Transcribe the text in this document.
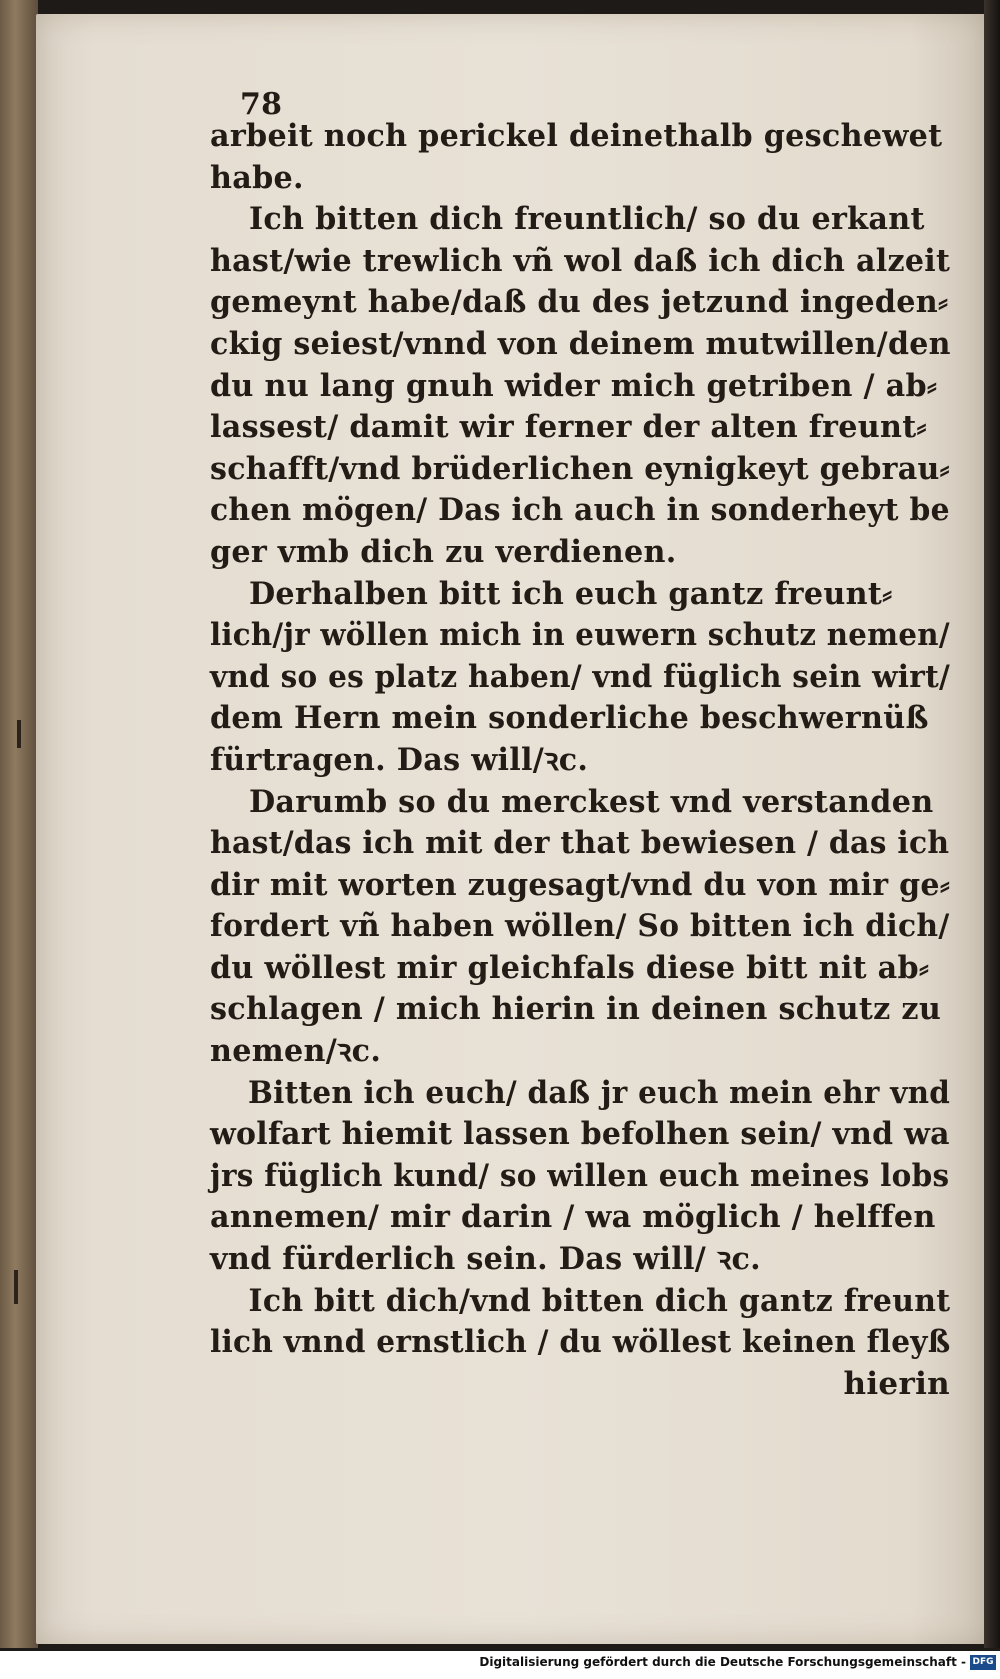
78
arbeit noch perickel deinethalb geschewet
habe.
Ich bitten dich freuntlich/ so du erkant
hast/wie trewlich vñ wol daß ich dich alzeit
gemeynt habe/daß du des jetzund ingeden⸗
ckig seiest/vnnd von deinem mutwillen/den
du nu lang gnuh wider mich getriben / ab⸗
lassest/ damit wir ferner der alten freunt⸗
schafft/vnd brüderlichen eynigkeyt gebrau⸗
chen mögen/ Das ich auch in sonderheyt be
ger vmb dich zu verdienen.
Derhalben bitt ich euch gantz freunt⸗
lich/jr wöllen mich in euwern schutz nemen/
vnd so es platz haben/ vnd füglich sein wirt/
dem Hern mein sonderliche beschwernüß
fürtragen. Das will/ꝛc.
Darumb so du merckest vnd verstanden
hast/das ich mit der that bewiesen / das ich
dir mit worten zugesagt/vnd du von mir ge⸗
fordert vñ haben wöllen/ So bitten ich dich/
du wöllest mir gleichfals diese bitt nit ab⸗
schlagen / mich hierin in deinen schutz zu
nemen/ꝛc.
Bitten ich euch/ daß jr euch mein ehr vnd
wolfart hiemit lassen befolhen sein/ vnd wa
jrs füglich kund/ so willen euch meines lobs
annemen/ mir darin / wa möglich / helffen
vnd fürderlich sein. Das will/ ꝛc.
Ich bitt dich/vnd bitten dich gantz freunt
lich vnnd ernstlich / du wöllest keinen fleyß
hierin
Digitalisierung gefördert durch die Deutsche Forschungsgemeinschaft - DFG
